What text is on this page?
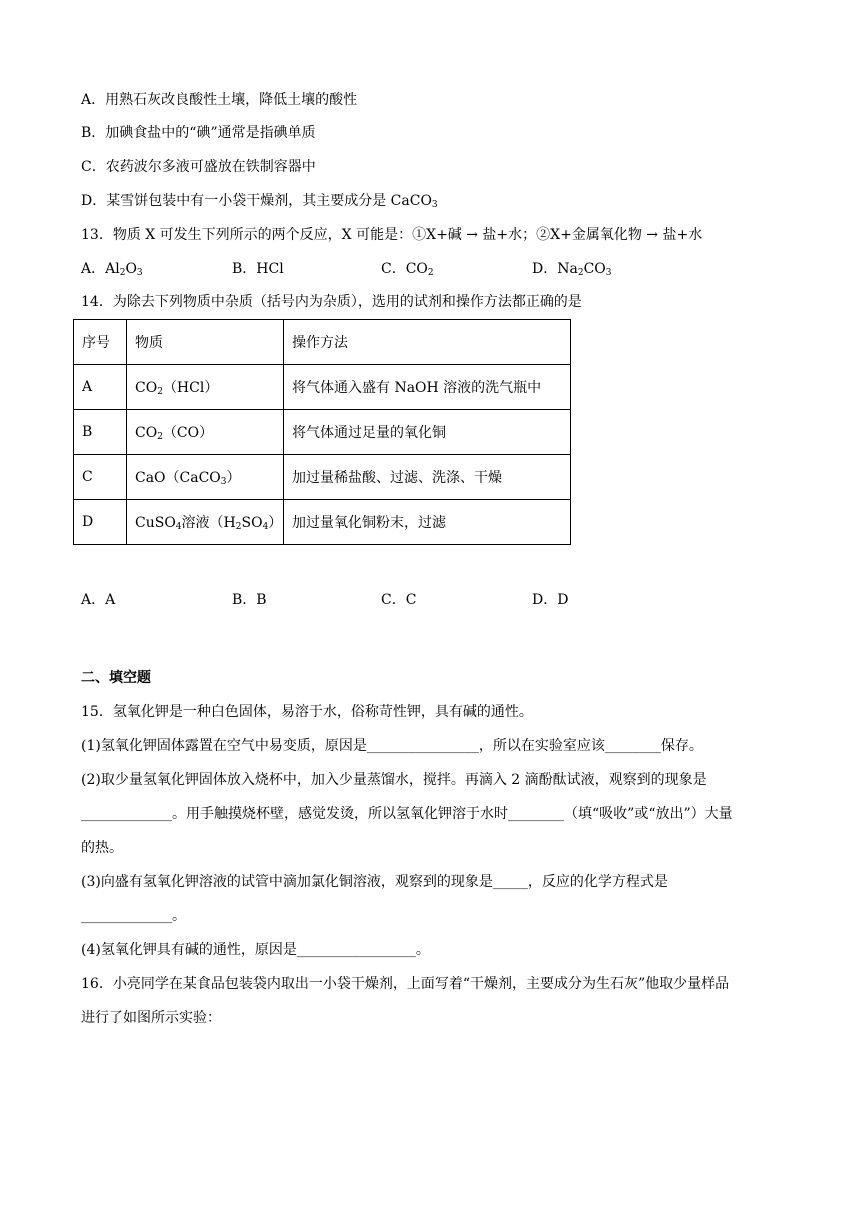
A．用熟石灰改良酸性土壤，降低土壤的酸性
B．加碘食盐中的“碘”通常是指碘单质
C．农药波尔多液可盛放在铁制容器中
D．某雪饼包装中有一小袋干燥剂，其主要成分是 CaCO$_3$
13．物质 X 可发生下列所示的两个反应，X 可能是：①X+碱 → 盐+水；②X+金属氧化物 → 盐+水
A．$Al_2O_3$	B．HCl	C．$CO_2$	D．$Na_2CO_3$
14．为除去下列物质中杂质（括号内为杂质），选用的试剂和操作方法都正确的是
序号	物质	操作方法
A	$CO_2(HCl)$	将气体通入盛有 NaOH 溶液的洗气瓶中
B	$CO_2(CO)$	将气体通过足量的氧化铜
C	CaO（CaCO$_3$）	加过量稀盐酸、过滤、洗涤、干燥
D	CuSO$_4$溶液$(H_2SO_4)$	加过量氧化铜粉末，过滤
A．A	B．B	C．C	D．D
二、填空题
15．氢氧化钾是一种白色固体，易溶于水，俗称苛性钾，具有碱的通性。
(1)氢氧化钾固体露置在空气中易变质，原因是________________，所以在实验室应该________保存。
(2)取少量氢氧化钾固体放入烧杯中，加入少量蒸馏水，搅拌。再滴入 2 滴酚酞试液，观察到的现象是
_____________。用手触摸烧杯壁，感觉发烫，所以氢氧化钾溶于水时________（填“吸收”或“放出”）大量
的热。
(3)向盛有氢氧化钾溶液的试管中滴加氯化铜溶液，观察到的现象是_____，反应的化学方程式是
_____________。
(4)氢氧化钾具有碱的通性，原因是_________________。
16．小亮同学在某食品包装袋内取出一小袋干燥剂，上面写着“干燥剂，主要成分为生石灰”他取少量样品
进行了如图所示实验：
